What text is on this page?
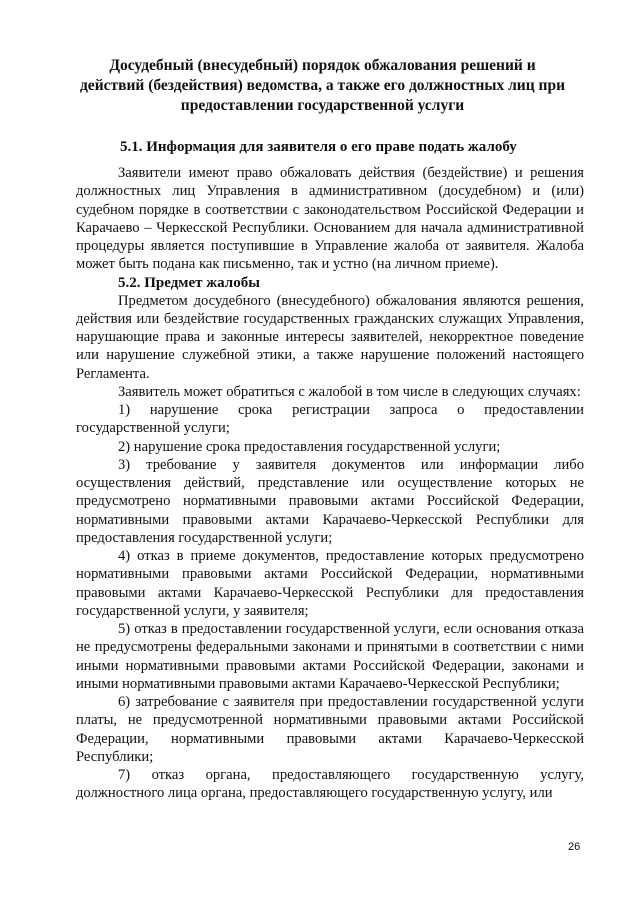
Досудебный (внесудебный) порядок обжалования решений и
действий (бездействия) ведомства, а также его должностных лиц при
предоставлении государственной услуги
5.1. Информация для заявителя о его праве подать жалобу

Заявители имеют право обжаловать действия (бездействие) и решения должностных лиц Управления в административном (досудебном) и (или) судебном порядке в соответствии с законодательством Российской Федерации и Карачаево – Черкесской Республики. Основанием для начала административной процедуры является поступившие в Управление жалоба от заявителя. Жалоба может быть подана как письменно, так и устно (на личном приеме).

5.2. Предмет жалобы

Предметом досудебного (внесудебного) обжалования являются решения, действия или бездействие государственных гражданских служащих Управления, нарушающие права и законные интересы заявителей, некорректное поведение или нарушение служебной этики, а также нарушение положений настоящего Регламента.

Заявитель может обратиться с жалобой в том числе в следующих случаях:

1) нарушение срока регистрации запроса о предоставлении государственной услуги;

2) нарушение срока предоставления государственной услуги;

3) требование у заявителя документов или информации либо осуществления действий, представление или осуществление которых не предусмотрено нормативными правовыми актами Российской Федерации, нормативными правовыми актами Карачаево-Черкесской Республики для предоставления государственной услуги;

4) отказ в приеме документов, предоставление которых предусмотрено нормативными правовыми актами Российской Федерации, нормативными правовыми актами Карачаево-Черкесской Республики для предоставления государственной услуги, у заявителя;

5) отказ в предоставлении государственной услуги, если основания отказа не предусмотрены федеральными законами и принятыми в соответствии с ними иными нормативными правовыми актами Российской Федерации, законами и иными нормативными правовыми актами Карачаево-Черкесской Республики;

6) затребование с заявителя при предоставлении государственной услуги платы, не предусмотренной нормативными правовыми актами Российской Федерации, нормативными правовыми актами Карачаево-Черкесской Республики;

7) отказ органа, предоставляющего государственную услугу, должностного лица органа, предоставляющего государственную услугу, или

26
